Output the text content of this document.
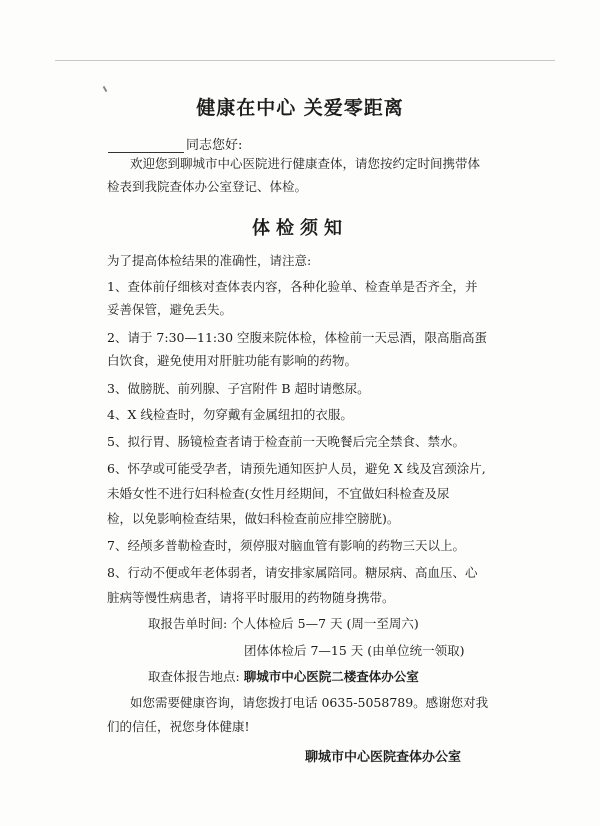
健康在中心 关爱零距离
同志您好:
欢迎您到聊城市中心医院进行健康查体，请您按约定时间携带体
检表到我院查体办公室登记、体检。
体检须知
为了提高体检结果的准确性，请注意:
1、查体前仔细核对查体表内容，各种化验单、检查单是否齐全，并
妥善保管，避免丢失。
2、请于 7:30—11:30 空腹来院体检，体检前一天忌酒，限高脂高蛋
白饮食，避免使用对肝脏功能有影响的药物。
3、做膀胱、前列腺、子宫附件 B 超时请憋尿。
4、X 线检查时，勿穿戴有金属纽扣的衣服。
5、拟行胃、肠镜检查者请于检查前一天晚餐后完全禁食、禁水。
6、怀孕或可能受孕者，请预先通知医护人员，避免 X 线及宫颈涂片,
未婚女性不进行妇科检查(女性月经期间，不宜做妇科检查及尿
检，以免影响检查结果，做妇科检查前应排空膀胱)。
7、经颅多普勒检查时，须停服对脑血管有影响的药物三天以上。
8、行动不便或年老体弱者，请安排家属陪同。糖尿病、高血压、心
脏病等慢性病患者，请将平时服用的药物随身携带。
取报告单时间: 个人体检后 5—7 天 (周一至周六)
团体体检后 7—15 天 (由单位统一领取)
取查体报告地点: 聊城市中心医院二楼查体办公室
如您需要健康咨询，请您拨打电话 0635-5058789。感谢您对我
们的信任，祝您身体健康!
聊城市中心医院查体办公室
